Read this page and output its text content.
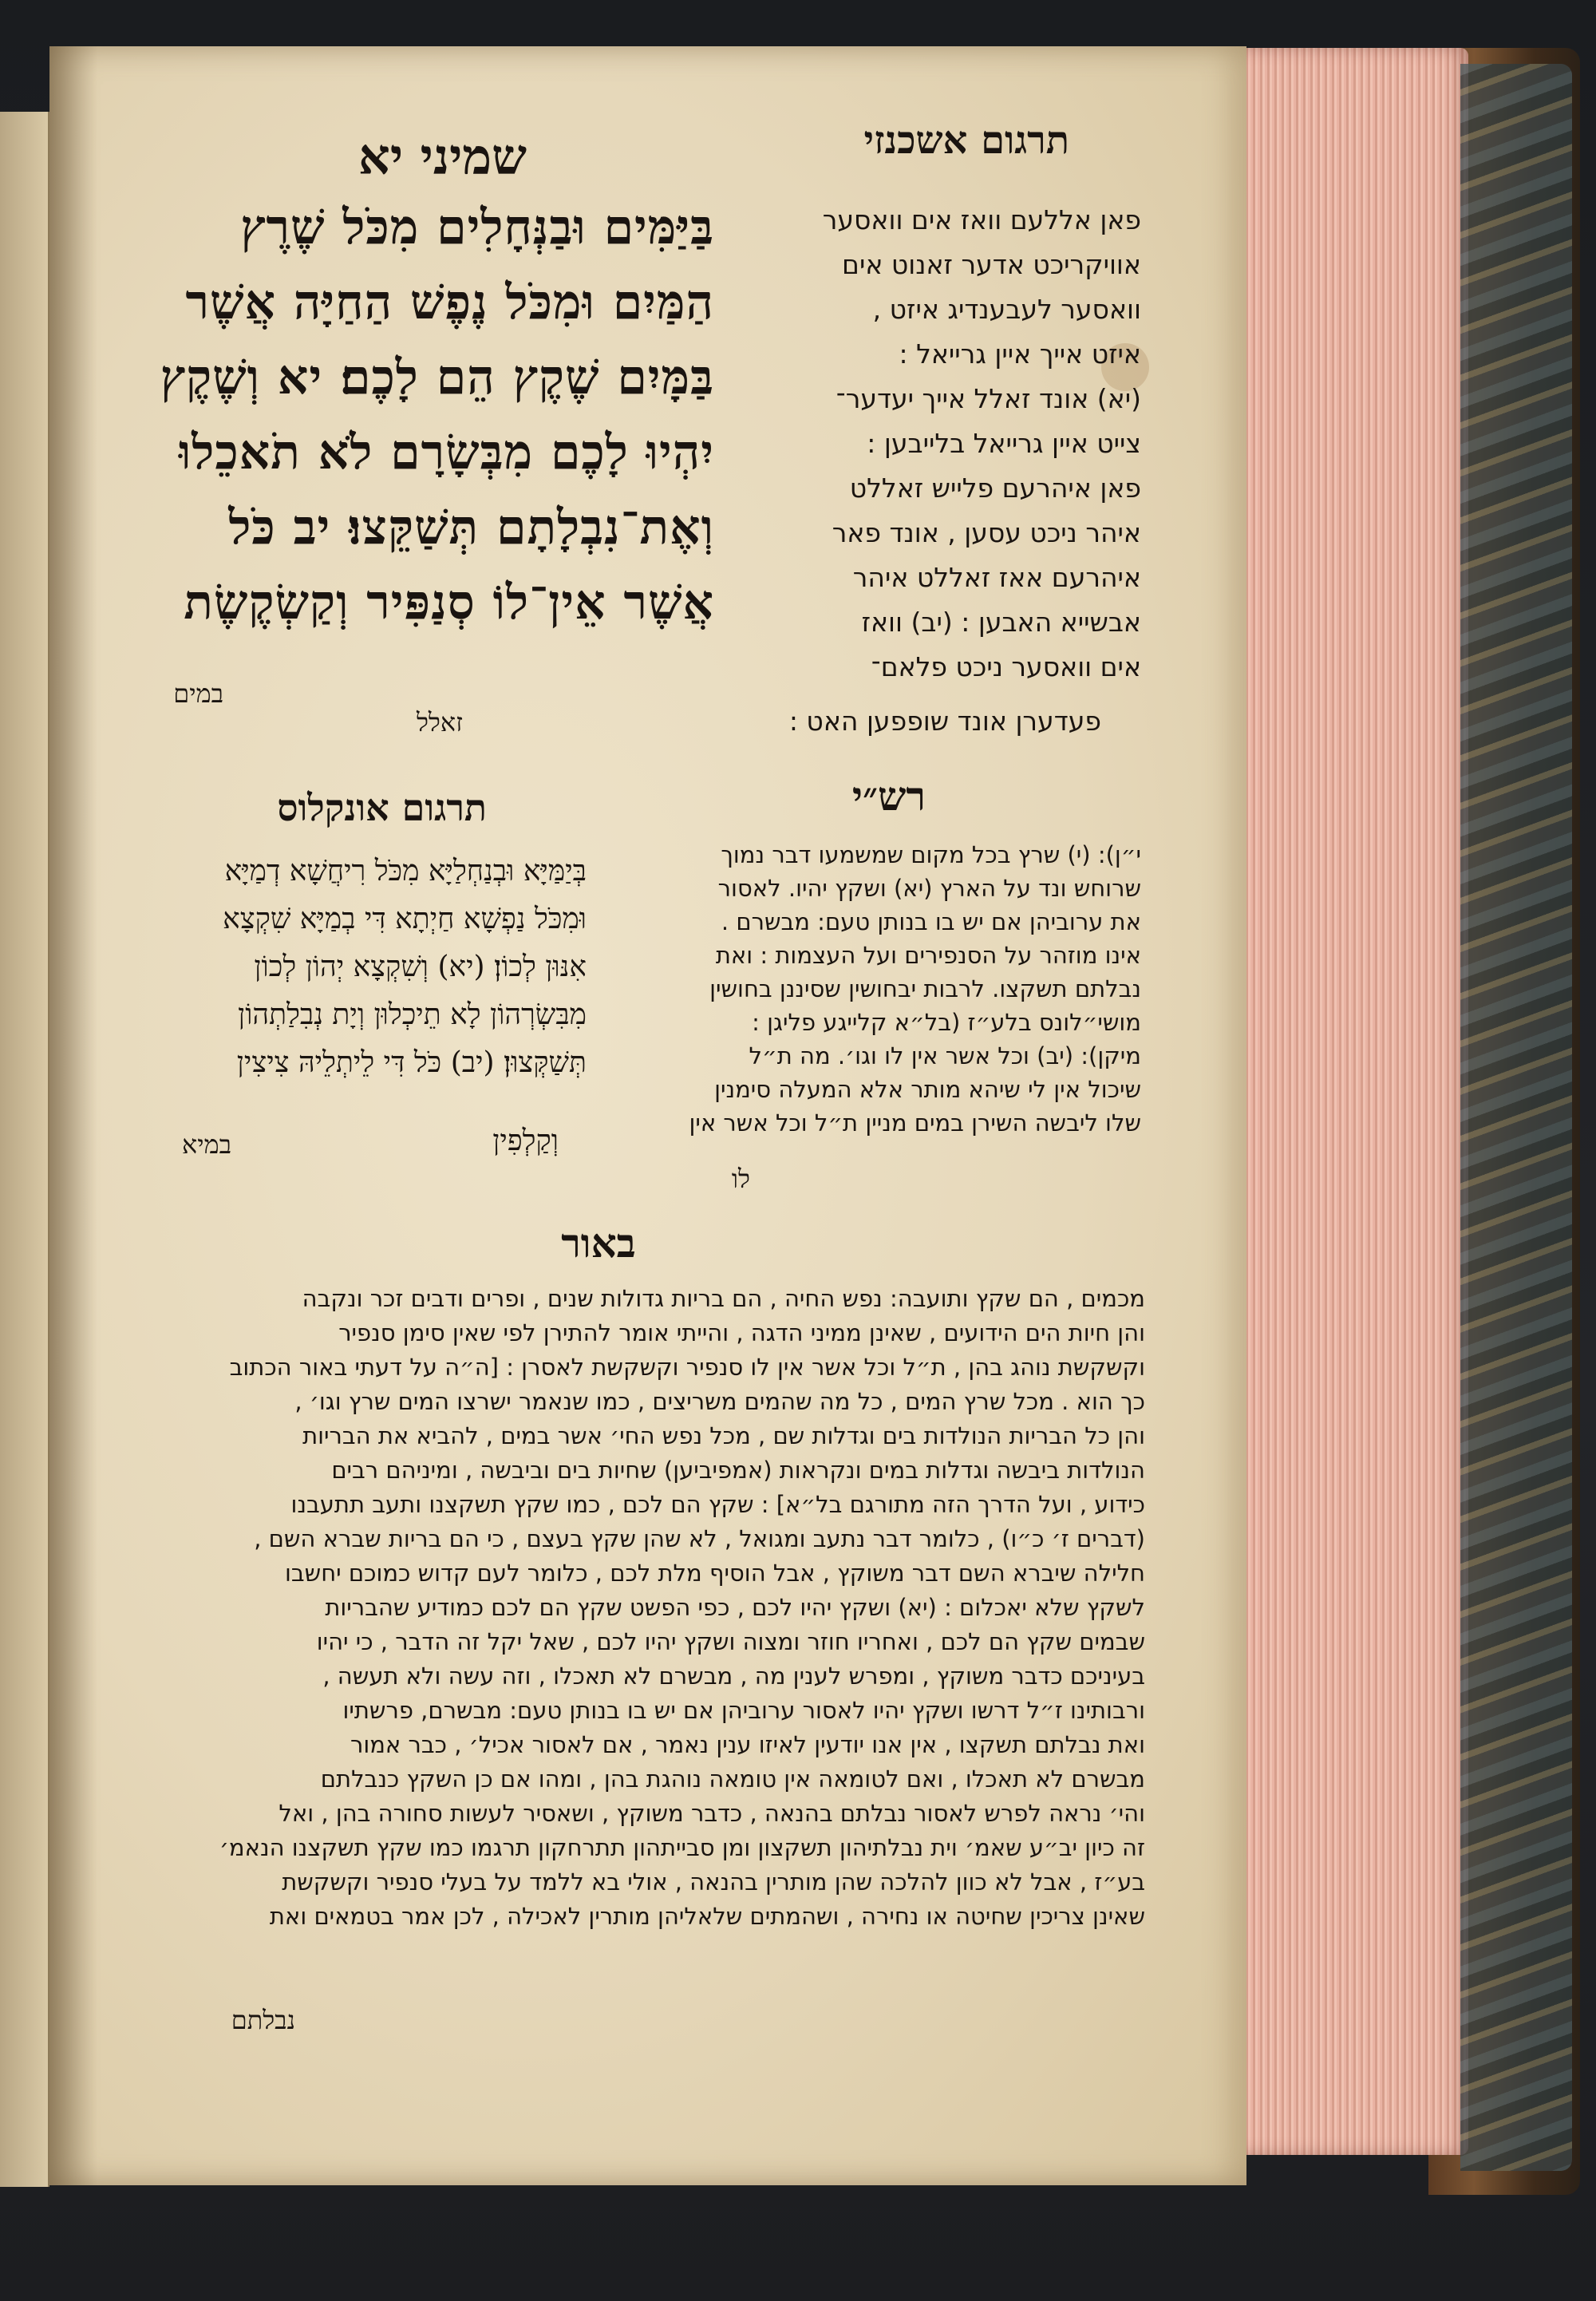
תרגום אשכנזי
שמיני יא
פאן אללעם וואז אים וואסער
אוויקריכט אדער זאנוט אים
וואסער לעבענדיג איזט ,
איזט אייך איין גרייאל :
(יא) אונד זאלל אייך יעדער־
צייט איין גרייאל בלייבען :
פאן איהרעם פלייש זאללט
איהר ניכט עסען , אונד פאר
איהרעם אאז זאללט איהר
אבשייא האבען : (יב) וואז
אים וואסער ניכט פלאם־
פעדערן אונד שופפען האט :
בַּיַּמִּים וּבַנְּחָלִים מִכֹּל שֶׁרֶץ
הַמַּיִם וּמִכֹּל נֶפֶשׁ הַחַיָּה אֲשֶׁר
בַּמָּיִם שֶׁקֶץ הֵם לָכֶם׃ יא וְשֶׁקֶץ
יִהְיוּ לָכֶם מִבְּשָׂרָם לֹא תֹאכֵלוּ
וְאֶת־נִבְלָתָם תְּשַׁקֵּצוּ׃ יב כֹּל
אֲשֶׁר אֵין־לוֹ סְנַפִּיר וְקַשְׂקֶשֶׂת
במים
זאלל
רש״י
י״ן): (י) שרץ בכל מקום שמשמעו דבר נמוך
שרוחש ונד על הארץ (יא) ושקץ יהיו. לאסור
את ערוביהן אם יש בו בנותן טעם: מבשרם .
אינו מוזהר על הסנפירים ועל העצמות : ואת
נבלתם תשקצו. לרבות יבחושין שסיננן בחושין
מושי״לונס בלע״ז (בל״א קלייגע פליגן :
מיקן): (יב) וכל אשר אין לו וגו׳. מה ת״ל
שיכול אין לי שיהא מותר אלא המעלה סימנין
שלו ליבשה השירן במים מניין ת״ל וכל אשר אין
לו
תרגום אונקלוס
בְּיַמַּיָּא וּבְנַחְלַיָּא מִכֹּל רִיחֲשָׁא דְמַיָּא
וּמִכֹּל נַפְשָׁא חַיְתָא דִּי בְמַיָּא שִׁקְצָא
אִנּוּן לְכוֹן׃ (יא) וְשִׁקְצָא יְהוֹן לְכוֹן
מִבִּשְׂרְהוֹן לָא תֵיכְלוּן וְיָת נְבִלַתְהוֹן
תְּשַׁקְּצוּן׃ (יב) כֹּל דִּי לֵיתְלֵיהּ צִיצִין
וְקַלְפִין
במיא
באור
מכמים , הם שקץ ותועבה: נפש החיה , הם בריות גדולות שנים , ופרים ודבים זכר ונקבה
והן חיות הים הידועים , שאינן ממיני הדגה , והייתי אומר להתירן לפי שאין סימן סנפיר
וקשקשת נוהג בהן , ת״ל וכל אשר אין לו סנפיר וקשקשת לאסרן : [ה״ה על דעתי באור הכתוב
כך הוא . מכל שרץ המים , כל מה שהמים משריצים , כמו שנאמר ישרצו המים שרץ וגו׳ ,
והן כל הבריות הנולדות בים וגדלות שם , מכל נפש החי׳ אשר במים , להביא את הבריות
הנולדות ביבשה וגדלות במים ונקראות (אמפיביען) שחיות בים וביבשה , ומיניהם רבים
כידוע , ועל הדרך הזה מתורגם בל״א] : שקץ הם לכם , כמו שקץ תשקצנו ותעב תתעבנו
(דברים ז׳ כ״ו) , כלומר דבר נתעב ומגואל , לא שהן שקץ בעצם , כי הם בריות שברא השם ,
חלילה שיברא השם דבר משוקץ , אבל הוסיף מלת לכם , כלומר לעם קדוש כמוכם יחשבו
לשקץ שלא יאכלום : (יא) ושקץ יהיו לכם , כפי הפשט שקץ הם לכם כמודיע שהבריות
שבמים שקץ הם לכם , ואחריו חוזר ומצוה ושקץ יהיו לכם , שאל יקל זה הדבר , כי יהיו
בעיניכם כדבר משוקץ , ומפרש לענין מה , מבשרם לא תאכלו , וזה עשה ולא תעשה ,
ורבותינו ז״ל דרשו ושקץ יהיו לאסור ערוביהן אם יש בו בנותן טעם: מבשרם, פרשתיו
ואת נבלתם תשקצו , אין אנו יודעין לאיזו ענין נאמר , אם לאסור אכיל׳ , כבר אמור
מבשרם לא תאכלו , ואם לטומאה אין טומאה נוהגת בהן , ומהו אם כן השקץ כנבלתם
והי׳ נראה לפרש לאסור נבלתם בהנאה , כדבר משוקץ , ושאסיר לעשות סחורה בהן , ואל
זה כיון יב״ע שאמ׳ וית נבלתיהון תשקצון ומן סבייתהון תתרחקון תרגמו כמו שקץ תשקצנו הנאמ׳
בע״ז , אבל לא כוון להלכה שהן מותרין בהנאה , אולי בא ללמד על בעלי סנפיר וקשקשת
שאינן צריכין שחיטה או נחירה , ושהמתים שלאליהן מותרין לאכילה , לכן אמר בטמאים ואת
נבלתם
